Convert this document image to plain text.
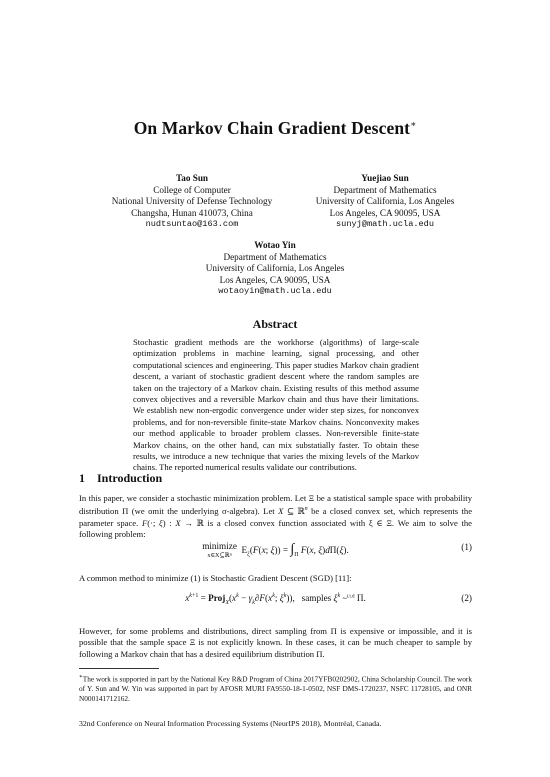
On Markov Chain Gradient Descent∗
Tao Sun
College of Computer
National University of Defense Technology
Changsha, Hunan 410073, China
nudtsuntao@163.com
Yuejiao Sun
Department of Mathematics
University of California, Los Angeles
Los Angeles, CA 90095, USA
sunyj@math.ucla.edu
Wotao Yin
Department of Mathematics
University of California, Los Angeles
Los Angeles, CA 90095, USA
wotaoyin@math.ucla.edu
Abstract
Stochastic gradient methods are the workhorse (algorithms) of large-scale optimization problems in machine learning, signal processing, and other computational sciences and engineering. This paper studies Markov chain gradient descent, a variant of stochastic gradient descent where the random samples are taken on the trajectory of a Markov chain. Existing results of this method assume convex objectives and a reversible Markov chain and thus have their limitations. We establish new non-ergodic convergence under wider step sizes, for nonconvex problems, and for non-reversible finite-state Markov chains. Nonconvexity makes our method applicable to broader problem classes. Non-reversible finite-state Markov chains, on the other hand, can mix substatially faster. To obtain these results, we introduce a new technique that varies the mixing levels of the Markov chains. The reported numerical results validate our contributions.
1 Introduction
In this paper, we consider a stochastic minimization problem. Let Ξ be a statistical sample space with probability distribution Π (we omit the underlying σ-algebra). Let X ⊆ ℝ$^n$ be a closed convex set, which represents the parameter space. F(·; ξ) : X → ℝ is a closed convex function associated with ξ ∈ Ξ. We aim to solve the following problem:
minimize
x∈X⊆ℝⁿ
$E_\xi(F(x$; $\xi)) = \int_\Pi$ F(x, ξ)dΠ(ξ).	(1)
A common method to minimize (1) is Stochastic Gradient Descent (SGD) [11]:
$x^{k+1}$ = $Proj_X(x^k - \gamma_k\partial F(x^k$; $\xi^k$)),   samples $\xi^k$ ~$^{i.i.d}$ Π.	(2)
However, for some problems and distributions, direct sampling from Π is expensive or impossible, and it is possible that the sample space Ξ is not explicitly known. In these cases, it can be much cheaper to sample by following a Markov chain that has a desired equilibrium distribution Π.
∗The work is supported in part by the National Key R&D Program of China 2017YFB0202902, China Scholarship Council. The work of Y. Sun and W. Yin was supported in part by AFOSR MURI FA9550-18-1-0502, NSF DMS-1720237, NSFC 11728105, and ONR N000141712162.
32nd Conference on Neural Information Processing Systems (NeurIPS 2018), Montréal, Canada.
